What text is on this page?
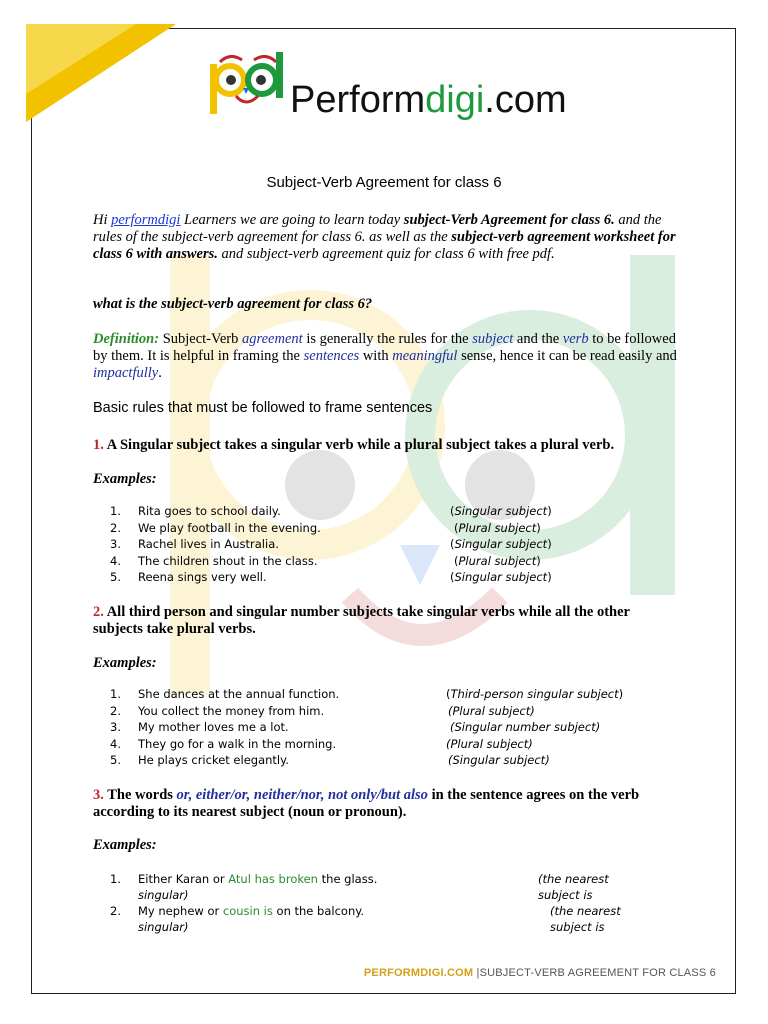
Performdigi.com
Subject-Verb Agreement for class 6
Hi performdigi Learners we are going to learn today subject-Verb Agreement for class 6. and the rules of the subject-verb agreement for class 6. as well as the subject-verb agreement worksheet for class 6 with answers. and subject-verb agreement quiz for class 6 with free pdf.
what is the subject-verb agreement for class 6?
Definition: Subject-Verb agreement is generally the rules for the subject and the verb to be followed by them. It is helpful in framing the sentences with meaningful sense, hence it can be read easily and impactfully.
Basic rules that must be followed to frame sentences
1. A Singular subject takes a singular verb while a plural subject takes a plural verb.
Examples:
1. Rita goes to school daily.	(Singular subject)
2. We play football in the evening.	(Plural subject)
3. Rachel lives in Australia.	(Singular subject)
4. The children shout in the class.	(Plural subject)
5. Reena sings very well.	(Singular subject)
2. All third person and singular number subjects take singular verbs while all the other subjects take plural verbs.
Examples:
1. She dances at the annual function.	(Third-person singular subject)
2. You collect the money from him.	(Plural subject)
3. My mother loves me a lot.	(Singular number subject)
4. They go for a walk in the morning.	(Plural subject)
5. He plays cricket elegantly.	(Singular subject)
3. The words or, either/or, neither/nor, not only/but also in the sentence agrees on the verb according to its nearest subject (noun or pronoun).
Examples:
1.	Either Karan or Atul has broken the glass.	(the nearest subject is

singular)
2.	My nephew or cousin is on the balcony.	(the nearest subject is

singular)
PERFORMDIGI.COM |SUBJECT-VERB AGREEMENT FOR CLASS 6
